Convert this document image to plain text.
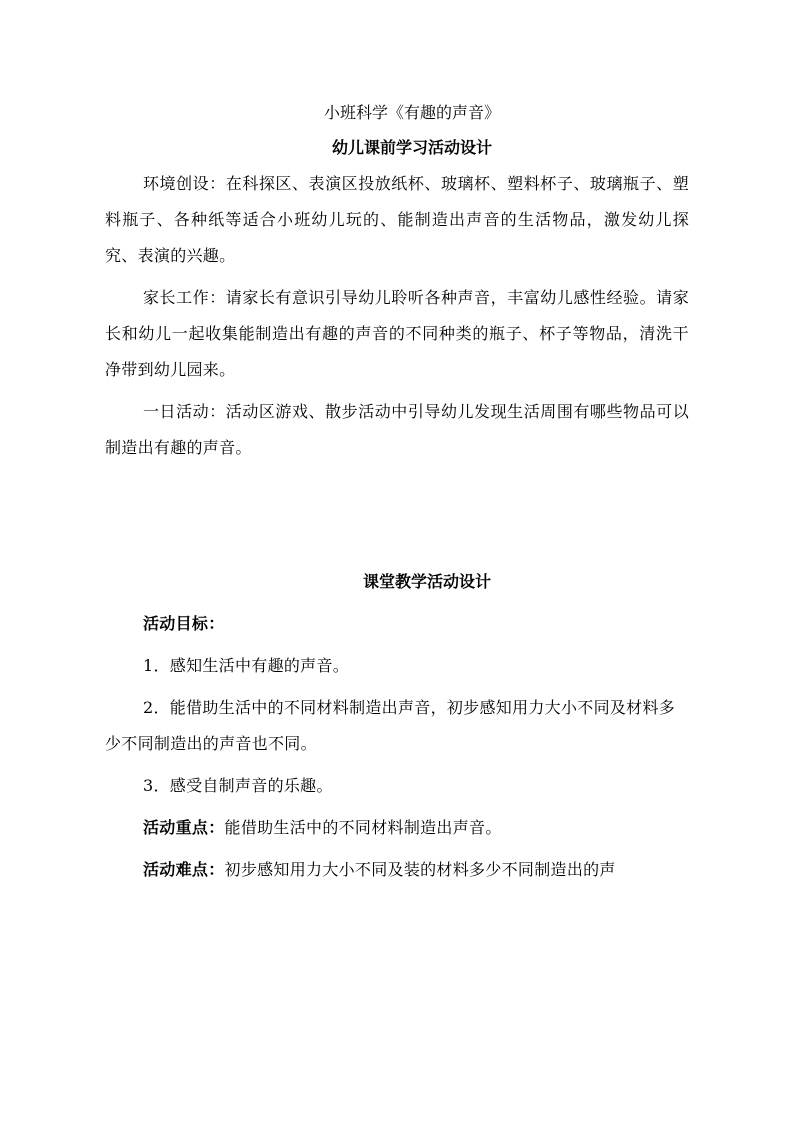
小班科学《有趣的声音》

幼儿课前学习活动设计

环境创设：在科探区、表演区投放纸杯、玻璃杯、塑料杯子、玻璃瓶子、塑料瓶子、各种纸等适合小班幼儿玩的、能制造出声音的生活物品，激发幼儿探究、表演的兴趣。

家长工作：请家长有意识引导幼儿聆听各种声音，丰富幼儿感性经验。请家长和幼儿一起收集能制造出有趣的声音的不同种类的瓶子、杯子等物品，清洗干净带到幼儿园来。

一日活动：活动区游戏、散步活动中引导幼儿发现生活周围有哪些物品可以制造出有趣的声音。

课堂教学活动设计

活动目标：

1．感知生活中有趣的声音。

2．能借助生活中的不同材料制造出声音，初步感知用力大小不同及材料多少不同制造出的声音也不同。

3．感受自制声音的乐趣。

活动重点：能借助生活中的不同材料制造出声音。

活动难点：初步感知用力大小不同及装的材料多少不同制造出的声
